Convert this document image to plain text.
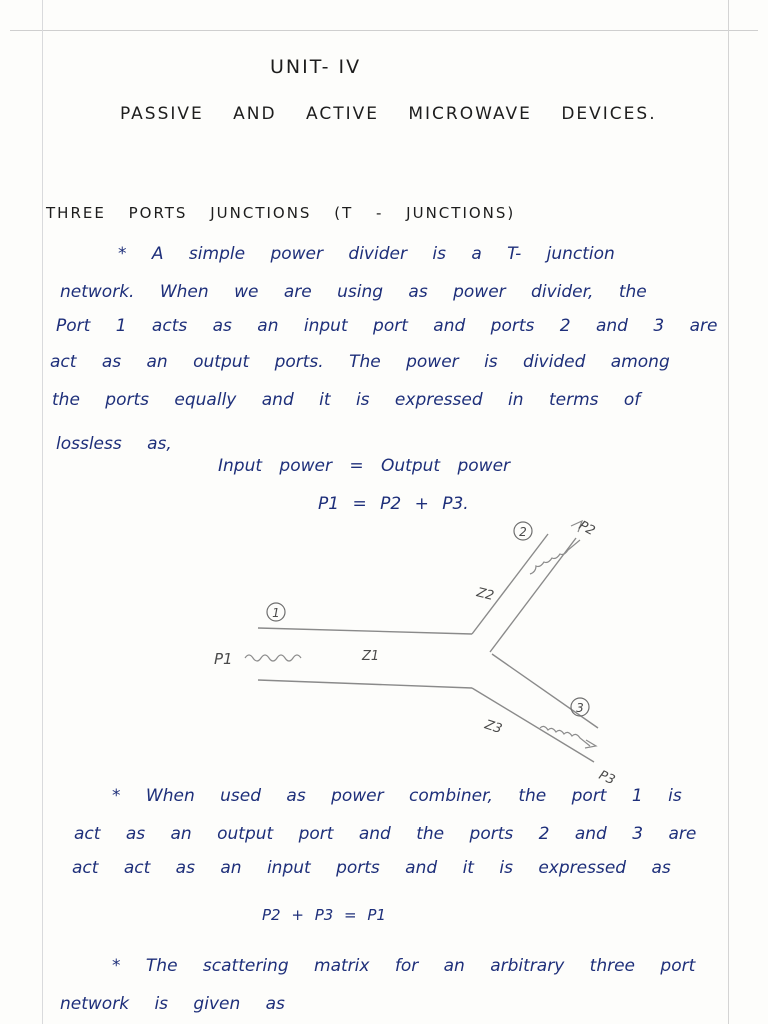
UNIT- IV
PASSIVE AND ACTIVE MICROWAVE DEVICES.
THREE PORTS JUNCTIONS (T - JUNCTIONS)
* A simple power divider is a T- junction
network. When we are using as power divider, the
Port 1 acts as an input port and ports 2 and 3 are
act as an output ports. The power is divided among
the ports equally and it is expressed in terms of
lossless as,
Input power = Output power
P1 = P2 + P3.
1
2
3
P1
P2
P3
Z1
Z2
Z3
* When used as power combiner, the port 1 is
act as an output port and the ports 2 and 3 are
act act as an input ports and it is expressed as
P2 + P3 = P1
* The scattering matrix for an arbitrary three port
network is given as
